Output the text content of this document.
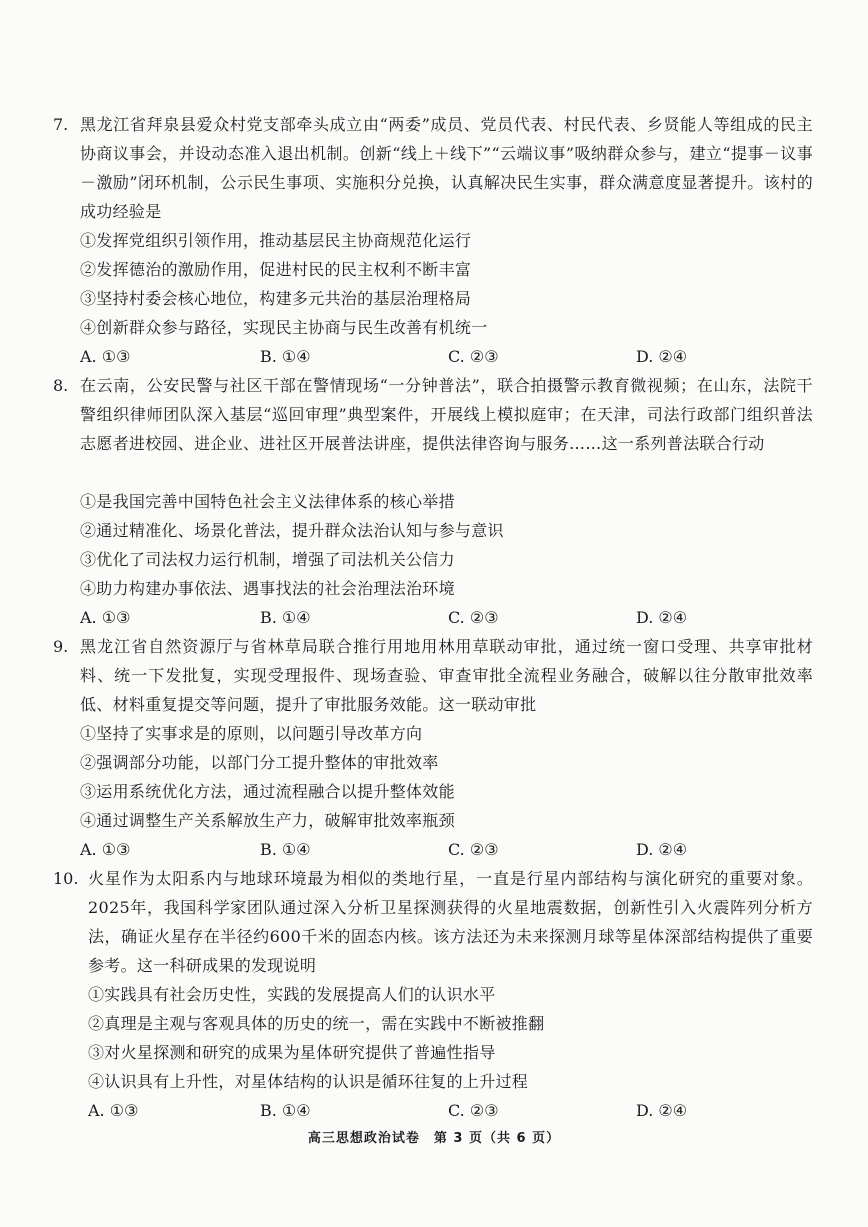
7. 黑龙江省拜泉县爱众村党支部牵头成立由“两委”成员、党员代表、村民代表、乡贤能人等组成的民主协商议事会，并设动态准入退出机制。创新“线上＋线下”“云端议事”吸纳群众参与，建立“提事－议事－激励”闭环机制，公示民生事项、实施积分兑换，认真解决民生实事，群众满意度显著提升。该村的成功经验是
①发挥党组织引领作用，推动基层民主协商规范化运行
②发挥德治的激励作用，促进村民的民主权利不断丰富
③坚持村委会核心地位，构建多元共治的基层治理格局
④创新群众参与路径，实现民主协商与民生改善有机统一
A. ①③	B. ①④	C. ②③	D. ②④
8. 在云南，公安民警与社区干部在警情现场“一分钟普法”，联合拍摄警示教育微视频；在山东，法院干警组织律师团队深入基层“巡回审理”典型案件，开展线上模拟庭审；在天津，司法行政部门组织普法志愿者进校园、进企业、进社区开展普法讲座，提供法律咨询与服务……这一系列普法联合行动
①是我国完善中国特色社会主义法律体系的核心举措
②通过精准化、场景化普法，提升群众法治认知与参与意识
③优化了司法权力运行机制，增强了司法机关公信力
④助力构建办事依法、遇事找法的社会治理法治环境
A. ①③	B. ①④	C. ②③	D. ②④
9. 黑龙江省自然资源厅与省林草局联合推行用地用林用草联动审批，通过统一窗口受理、共享审批材料、统一下发批复，实现受理报件、现场查验、审查审批全流程业务融合，破解以往分散审批效率低、材料重复提交等问题，提升了审批服务效能。这一联动审批
①坚持了实事求是的原则，以问题引导改革方向
②强调部分功能，以部门分工提升整体的审批效率
③运用系统优化方法，通过流程融合以提升整体效能
④通过调整生产关系解放生产力，破解审批效率瓶颈
A. ①③	B. ①④	C. ②③	D. ②④
10. 火星作为太阳系内与地球环境最为相似的类地行星，一直是行星内部结构与演化研究的重要对象。2025年，我国科学家团队通过深入分析卫星探测获得的火星地震数据，创新性引入火震阵列分析方法，确证火星存在半径约600千米的固态内核。该方法还为未来探测月球等星体深部结构提供了重要参考。这一科研成果的发现说明
①实践具有社会历史性，实践的发展提高人们的认识水平
②真理是主观与客观具体的历史的统一，需在实践中不断被推翻
③对火星探测和研究的成果为星体研究提供了普遍性指导
④认识具有上升性，对星体结构的认识是循环往复的上升过程
A. ①③	B. ①④	C. ②③	D. ②④
高三思想政治试卷　第 3 页（共 6 页）
